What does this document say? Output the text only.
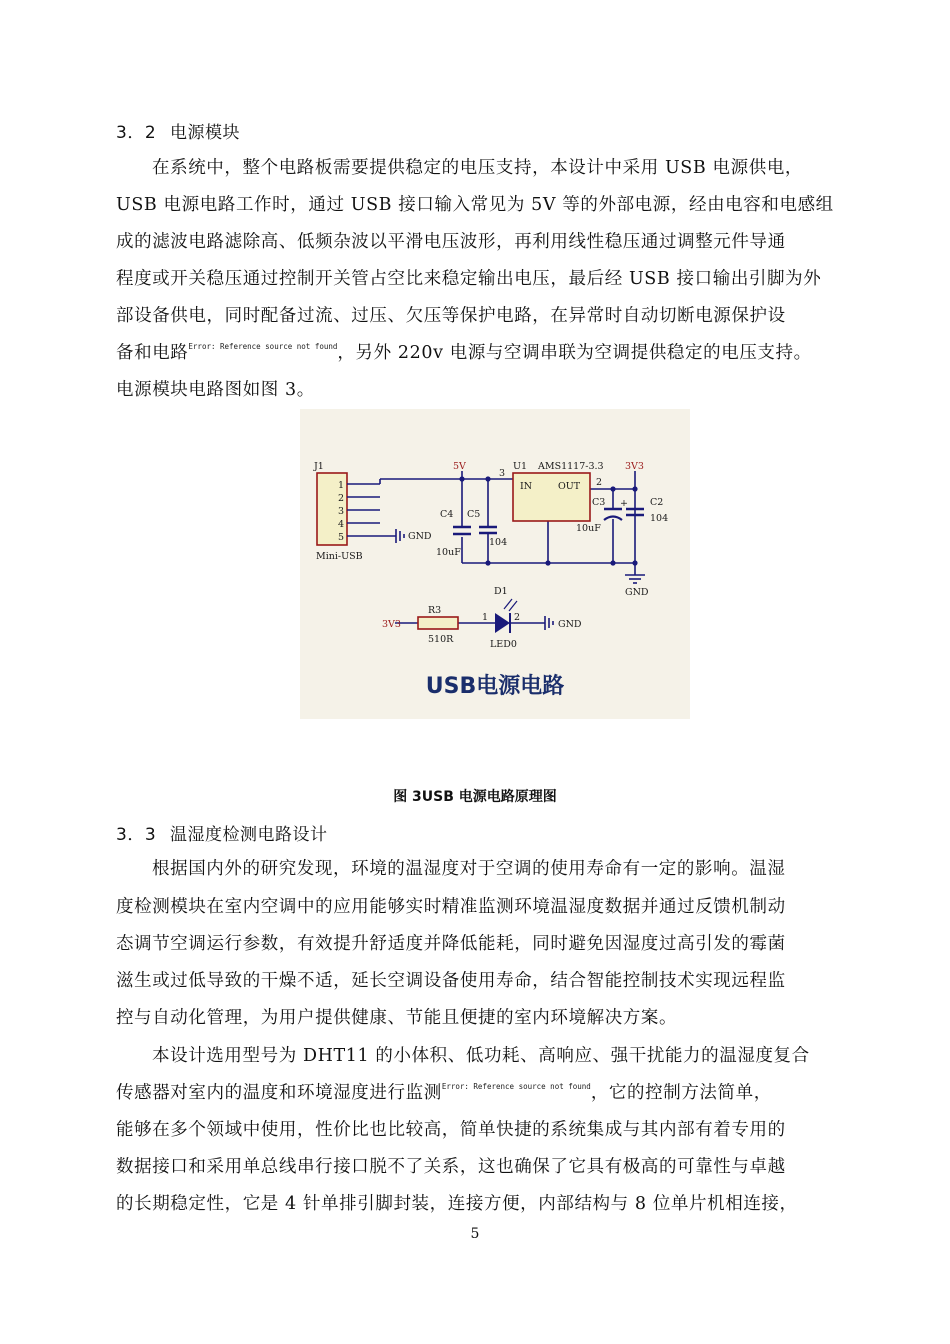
3．2 电源模块
在系统中，整个电路板需要提供稳定的电压支持，本设计中采用 USB 电源供电，
USB 电源电路工作时，通过 USB 接口输入常见为 5V 等的外部电源，经由电容和电感组
成的滤波电路滤除高、低频杂波以平滑电压波形，再利用线性稳压通过调整元件导通
程度或开关稳压通过控制开关管占空比来稳定输出电压，最后经 USB 接口输出引脚为外
部设备供电，同时配备过流、过压、欠压等保护电路，在异常时自动切断电源保护设
备和电路$^{Error: Reference source not found}$，另外 220v 电源与空调串联为空调提供稳定的电压支持。
电源模块电路图如图 3。
J1
Mini-USB
1
2
3
4
5	GND
5V	U1 AMS1117-3.3
3
2
IN	OUT
3V3
C4 C5
104
10uF
C3	C2
104
10uF
+
GND
3V3
R3
510R
1	2
D1
LED0
GND
USB电源电路
图 3USB 电源电路原理图
3．3 温湿度检测电路设计
根据国内外的研究发现，环境的温湿度对于空调的使用寿命有一定的影响。温湿
度检测模块在室内空调中的应用能够实时精准监测环境温湿度数据并通过反馈机制动
态调节空调运行参数，有效提升舒适度并降低能耗，同时避免因湿度过高引发的霉菌
滋生或过低导致的干燥不适，延长空调设备使用寿命，结合智能控制技术实现远程监
控与自动化管理，为用户提供健康、节能且便捷的室内环境解决方案。
本设计选用型号为 DHT11 的小体积、低功耗、高响应、强干扰能力的温湿度复合
传感器对室内的温度和环境湿度进行监测$^{Error: Reference source not found}$，它的控制方法简单，
能够在多个领域中使用，性价比也比较高，简单快捷的系统集成与其内部有着专用的
数据接口和采用单总线串行接口脱不了关系，这也确保了它具有极高的可靠性与卓越
的长期稳定性，它是 4 针单排引脚封装，连接方便，内部结构与 8 位单片机相连接，
5
